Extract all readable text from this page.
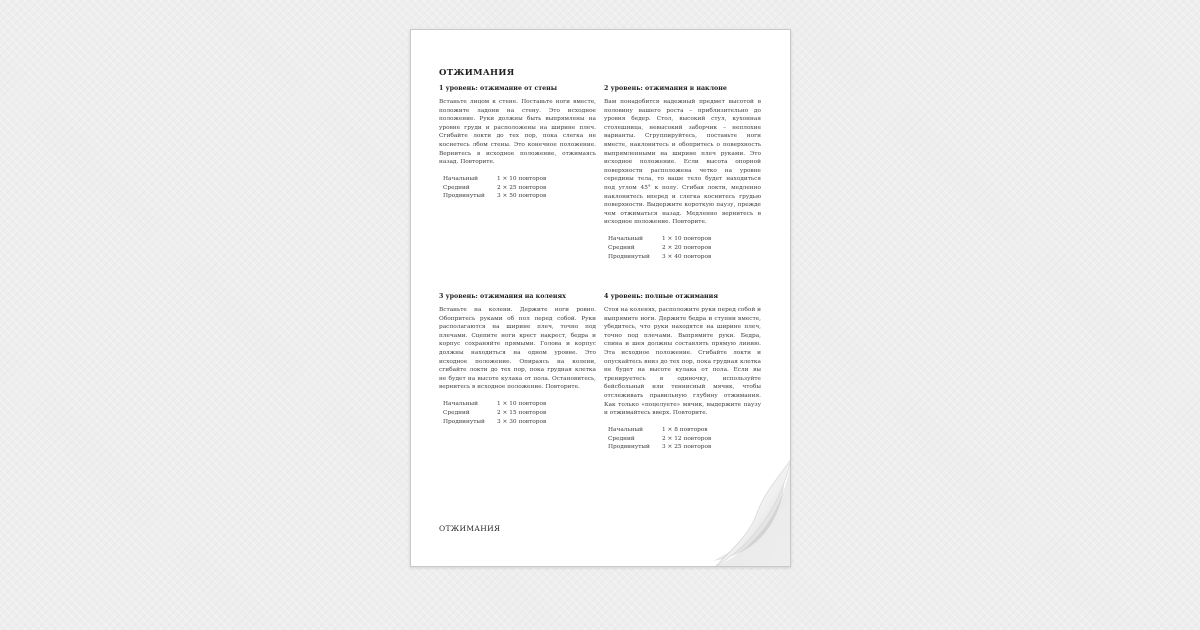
ОТЖИМАНИЯ
1 уровень: отжимание от стены

Встаньте лицом к стене. Поставьте ноги вместе, положите ладони на стену. Это исходное положение. Руки должны быть выпрямлены на уровне груди и расположены на ширине плеч. Сгибайте локти до тех пор, пока слегка не коснетесь лбом стены. Это конечное положение. Вернитесь в исходное положение, отжимаясь назад. Повторите.

Начальный	1 × 10 повторов
Средний	2 × 25 повторов
Продвинутый	3 × 50 повторов
2 уровень: отжимания в наклоне

Вам понадобится надежный предмет высотой в половину вашего роста – приблизительно до уровня бедер. Стол, высокий стул, кухонная столешница, невысокий заборчик – неплохие варианты. Сгруппируйтесь, поставьте ноги вместе, наклонитесь и обопритесь о поверхность выпрямленными на ширине плеч руками. Это исходное положение. Если высота опорной поверхности расположена четко на уровне середины тела, то ваше тело будет находиться под углом 45° к полу. Сгибая локти, медленно наклонитесь вперед и слегка коснитесь грудью поверхности. Выдержите короткую паузу, прежде чем отжиматься назад. Медленно вернитесь в исходное положение. Повторите.

Начальный	1 × 10 повторов
Средний	2 × 20 повторов
Продвинутый	3 × 40 повторов
3 уровень: отжимания на коленях

Встаньте на колени. Держите ноги ровно. Обопритесь руками об пол перед собой. Руки располагаются на ширине плеч, точно под плечами. Сцепите ноги крест накрест, бедра и корпус сохраняйте прямыми. Голова и корпус должны находиться на одном уровне. Это исходное положение. Опираясь на колени, сгибайте локти до тех пор, пока грудная клетка не будет на высоте кулака от пола. Остановитесь, вернитесь в исходное положение. Повторите.

Начальный	1 × 10 повторов
Средний	2 × 15 повторов
Продвинутый	3 × 30 повторов
4 уровень: полные отжимания

Стоя на коленях, расположите руки перед собой и выпрямите ноги. Держите бедра и ступни вместе, убедитесь, что руки находятся на ширине плеч, точно под плечами. Выпрямите руки. Бедра, спина и шея должны составлять прямую линию. Эта исходное положение. Сгибайте локти и опускайтесь вниз до тех пор, пока грудная клетка не будет на высоте кулака от пола. Если вы тренируетесь в одиночку, используйте бейсбольный или теннисный мячик, чтобы отслеживать правильную глубину отжимания. Как только «поцелуете» мячик, выдержите паузу и отжимайтесь вверх. Повторите.

Начальный	1 × 8 повторов
Средний	2 × 12 повторов
Продвинутый	3 × 25 повторов
ОТЖИМАНИЯ
